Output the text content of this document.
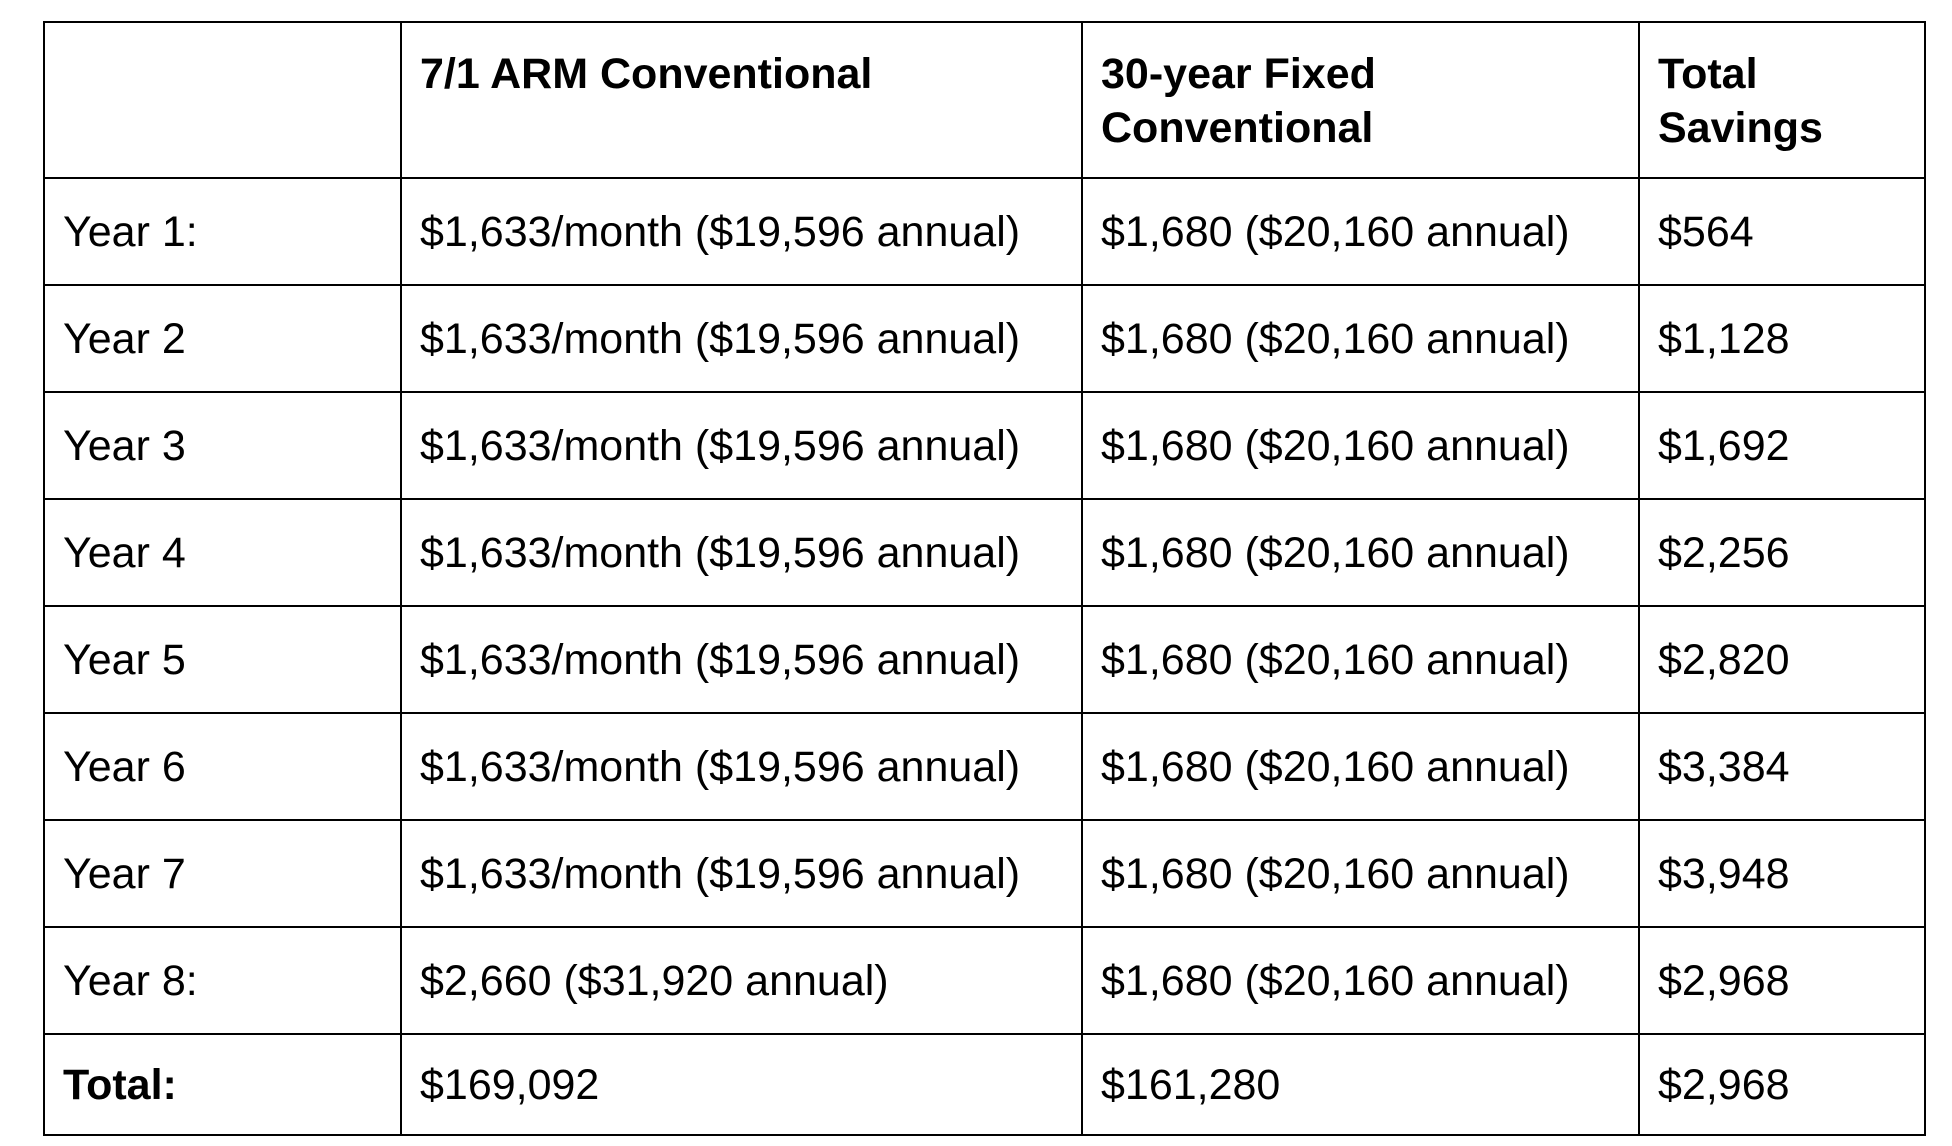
	7/1 ARM Conventional	30-year Fixed Conventional	Total Savings
Year 1:	$1,633/month ($19,596 annual)	$1,680 ($20,160 annual)	$564
Year 2	$1,633/month ($19,596 annual)	$1,680 ($20,160 annual)	$1,128
Year 3	$1,633/month ($19,596 annual)	$1,680 ($20,160 annual)	$1,692
Year 4	$1,633/month ($19,596 annual)	$1,680 ($20,160 annual)	$2,256
Year 5	$1,633/month ($19,596 annual)	$1,680 ($20,160 annual)	$2,820
Year 6	$1,633/month ($19,596 annual)	$1,680 ($20,160 annual)	$3,384
Year 7	$1,633/month ($19,596 annual)	$1,680 ($20,160 annual)	$3,948
Year 8:	$2,660 ($31,920 annual)	$1,680 ($20,160 annual)	$2,968
Total:	$169,092	$161,280	$2,968
